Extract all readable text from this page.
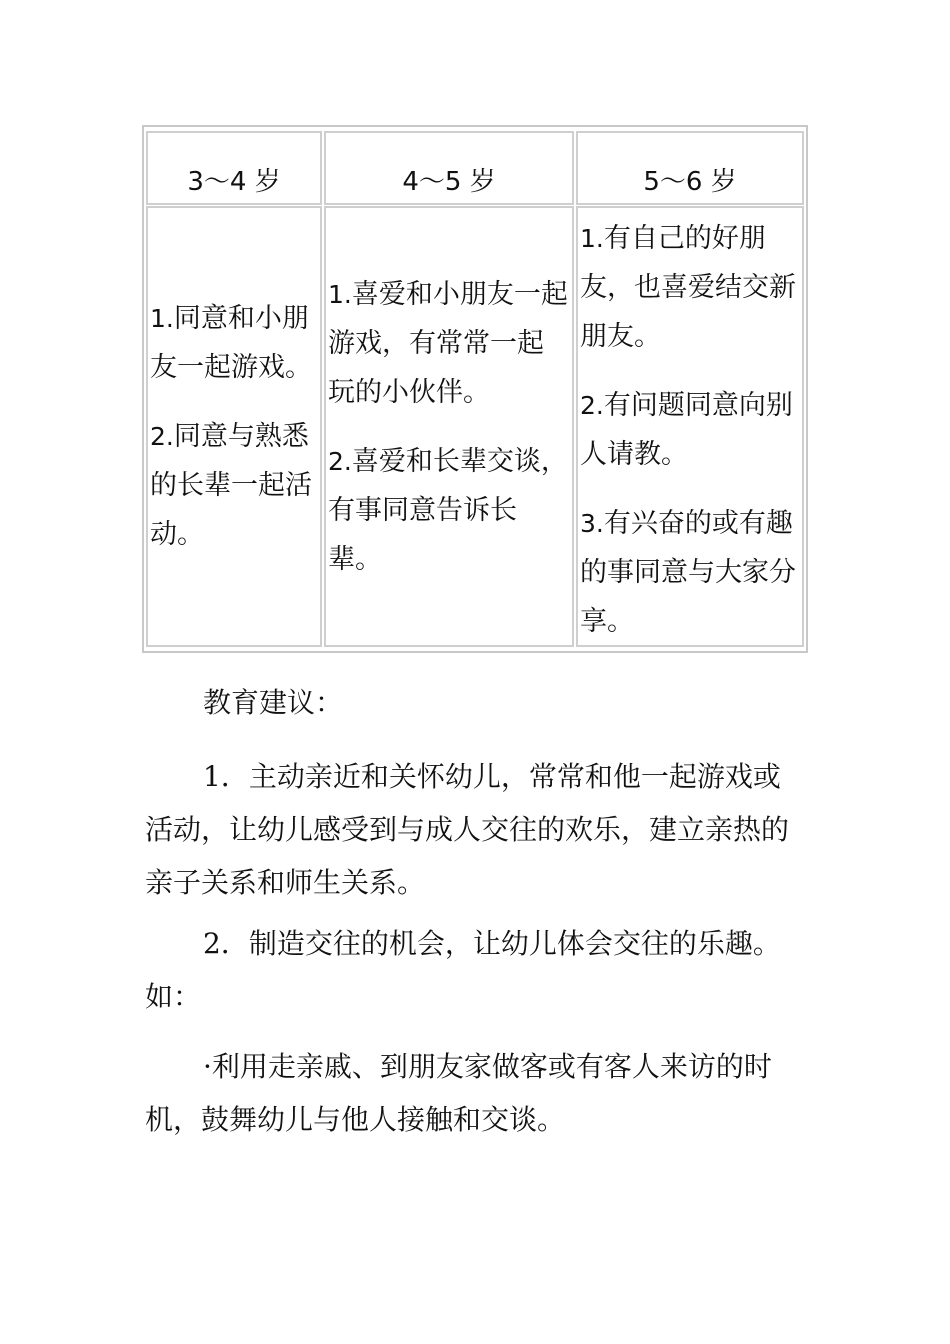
3～4 岁	4～5 岁	5～6 岁

1.同意和小朋友一起游戏。

2.同意与熟悉的长辈一起活动。

1.喜爱和小朋友一起游戏，有常常一起玩的小伙伴。

2.喜爱和长辈交谈，有事同意告诉长辈。

1.有自己的好朋友，也喜爱结交新朋友。

2.有问题同意向别人请教。

3.有兴奋的或有趣的事同意与大家分享。

教育建议：

1．主动亲近和关怀幼儿，常常和他一起游戏或活动，让幼儿感受到与成人交往的欢乐，建立亲热的亲子关系和师生关系。

2．制造交往的机会，让幼儿体会交往的乐趣。如：

·利用走亲戚、到朋友家做客或有客人来访的时机，鼓舞幼儿与他人接触和交谈。
